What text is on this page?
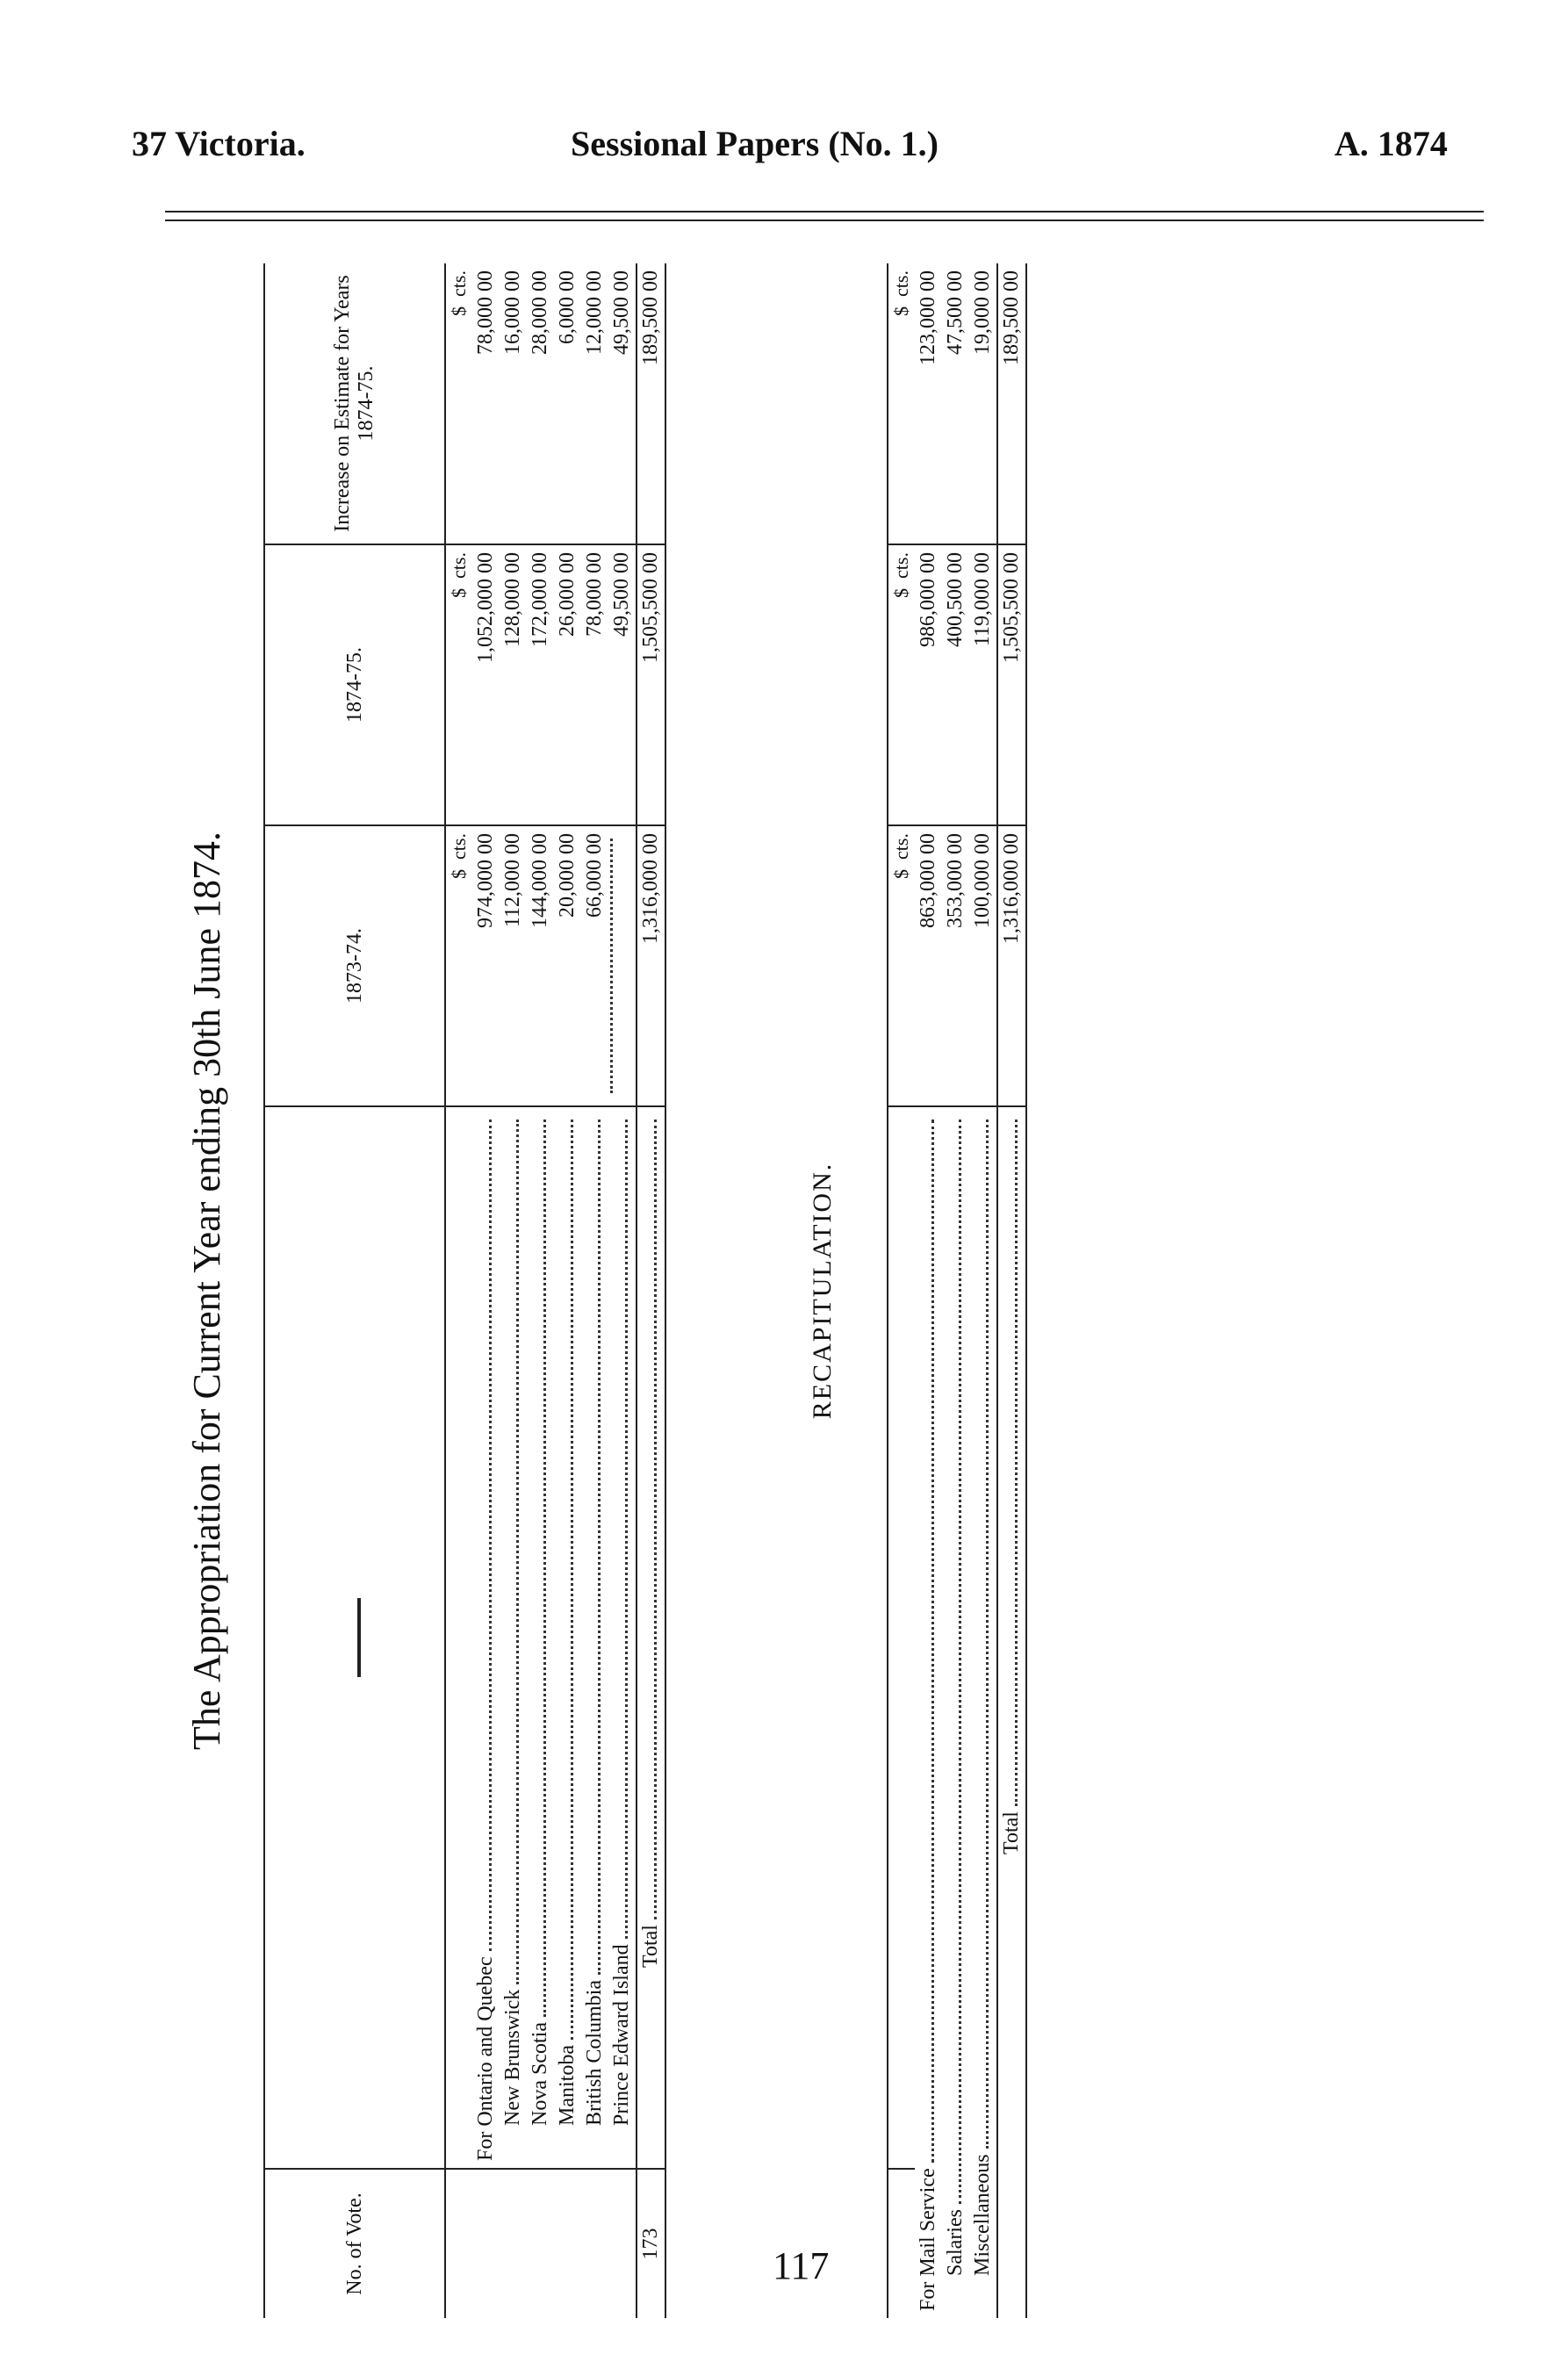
37 Victoria.	Sessional Papers (No. 1.)	A. 1874
The Appropriation for Current Year ending 30th June 1874.
No. of Vote.		1873-74.	1874-75.	Increase on Estimate for Years 1874-75.
		$  cts.	$  cts.	$  cts.

	For Ontario and Quebec	974,000 00	1,052,000 00	78,000 00

	New Brunswick	112,000 00	128,000 00	16,000 00

	Nova Scotia	144,000 00	172,000 00	28,000 00

	Manitoba	20,000 00	26,000 00	6,000 00

	British Columbia	66,000 00	78,000 00	12,000 00

	Prince Edward Island		49,500 00	49,500 00
173	Total	1,316,000 00	1,505,500 00	189,500 00

RECAPITULATION.
		$  cts.	$  cts.	$  cts.

For Mail Service		863,000 00	986,000 00	123,000 00

Salaries		353,000 00	400,500 00	47,500 00

Miscellaneous		100,000 00	119,000 00	19,000 00

Total		1,316,000 00	1,505,500 00	189,500 00

117
